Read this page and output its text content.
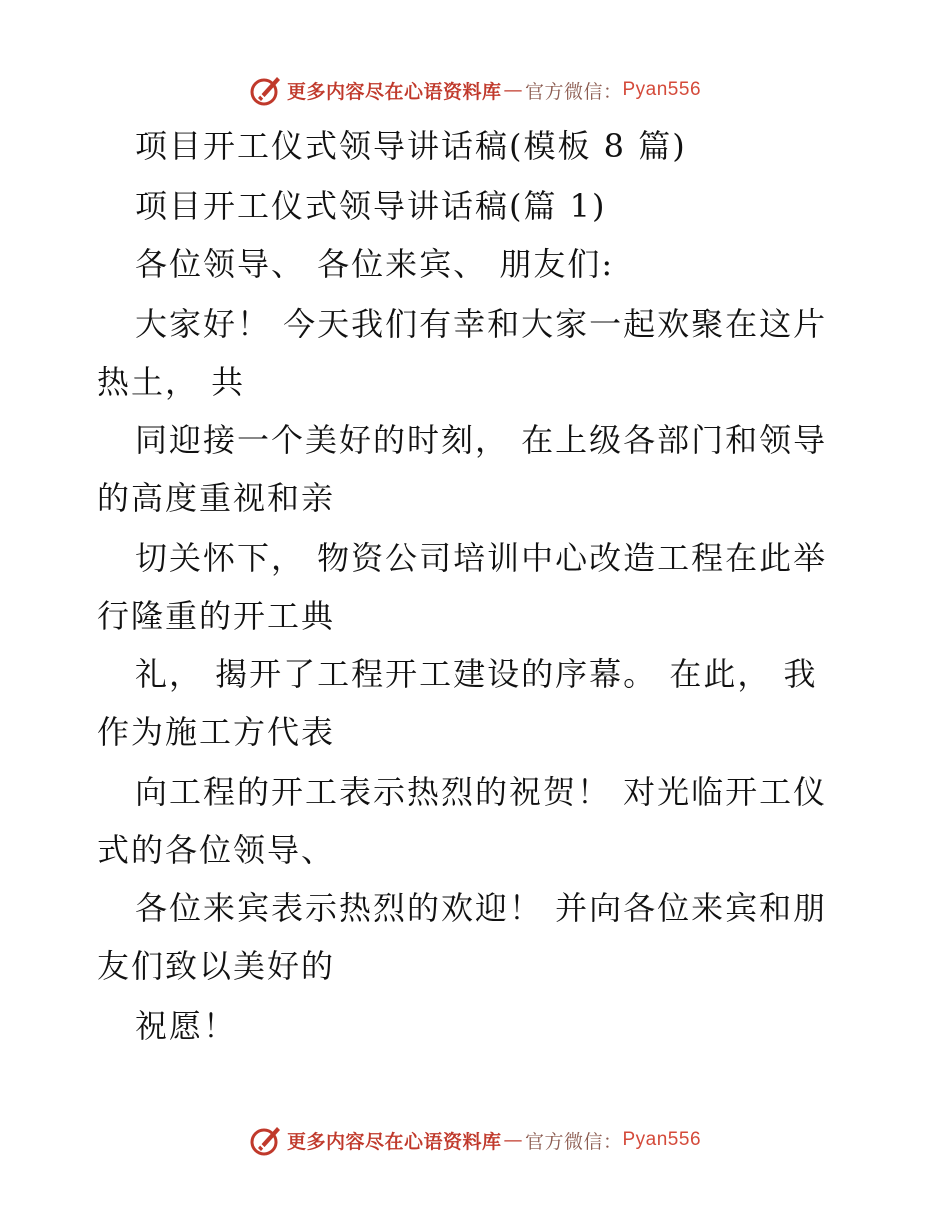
更多内容尽在心语资料库 — 官方微信： Pyan556
项目开工仪式领导讲话稿(模板 8 篇)
项目开工仪式领导讲话稿(篇 1)
各位领导、 各位来宾、 朋友们:
大家好！ 今天我们有幸和大家一起欢聚在这片
热土， 共
同迎接一个美好的时刻， 在上级各部门和领导
的高度重视和亲
切关怀下， 物资公司培训中心改造工程在此举
行隆重的开工典
礼， 揭开了工程开工建设的序幕。 在此， 我
作为施工方代表
向工程的开工表示热烈的祝贺！ 对光临开工仪
式的各位领导、
各位来宾表示热烈的欢迎！ 并向各位来宾和朋
友们致以美好的
祝愿！
更多内容尽在心语资料库 — 官方微信： Pyan556
